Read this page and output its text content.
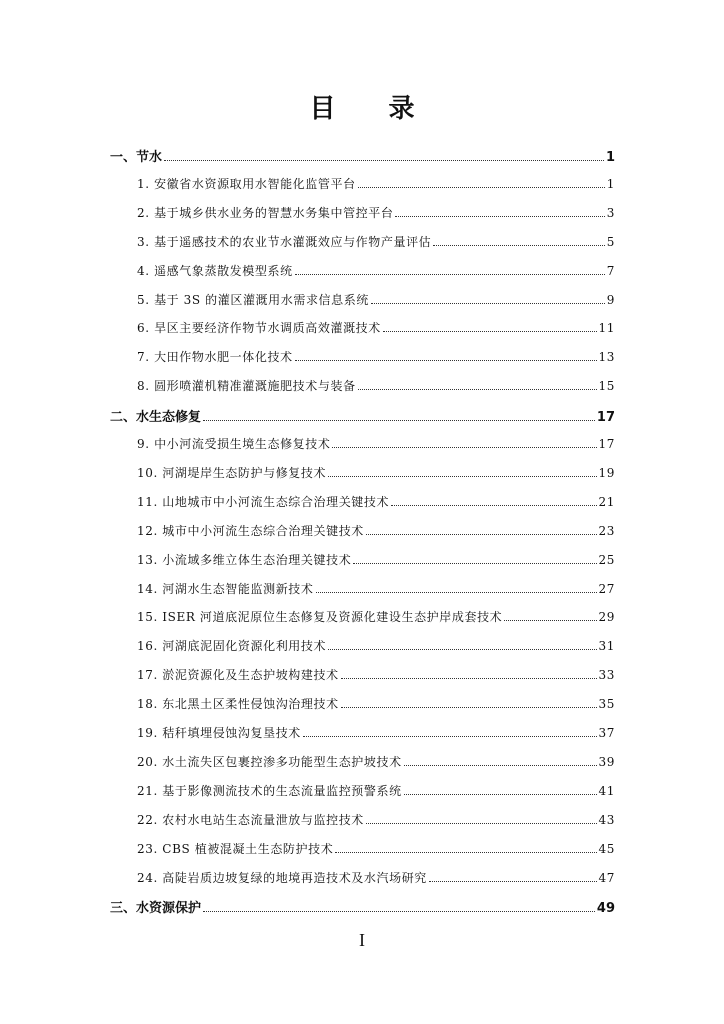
目 录
一、节水	1
1. 安徽省水资源取用水智能化监管平台	1
2. 基于城乡供水业务的智慧水务集中管控平台	3
3. 基于遥感技术的农业节水灌溉效应与作物产量评估	5
4. 遥感气象蒸散发模型系统	7
5. 基于 3S 的灌区灌溉用水需求信息系统	9
6. 旱区主要经济作物节水调质高效灌溉技术	11
7. 大田作物水肥一体化技术	13
8. 圆形喷灌机精准灌溉施肥技术与装备	15
二、水生态修复	17
9. 中小河流受损生境生态修复技术	17
10. 河湖堤岸生态防护与修复技术	19
11. 山地城市中小河流生态综合治理关键技术	21
12. 城市中小河流生态综合治理关键技术	23
13. 小流域多维立体生态治理关键技术	25
14. 河湖水生态智能监测新技术	27
15. ISER 河道底泥原位生态修复及资源化建设生态护岸成套技术	29
16. 河湖底泥固化资源化利用技术	31
17. 淤泥资源化及生态护坡构建技术	33
18. 东北黑土区柔性侵蚀沟治理技术	35
19. 秸秆填埋侵蚀沟复垦技术	37
20. 水土流失区包裹控渗多功能型生态护坡技术	39
21. 基于影像测流技术的生态流量监控预警系统	41
22. 农村水电站生态流量泄放与监控技术	43
23. CBS 植被混凝土生态防护技术	45
24. 高陡岩质边坡复绿的地境再造技术及水汽场研究	47
三、水资源保护	49
I
